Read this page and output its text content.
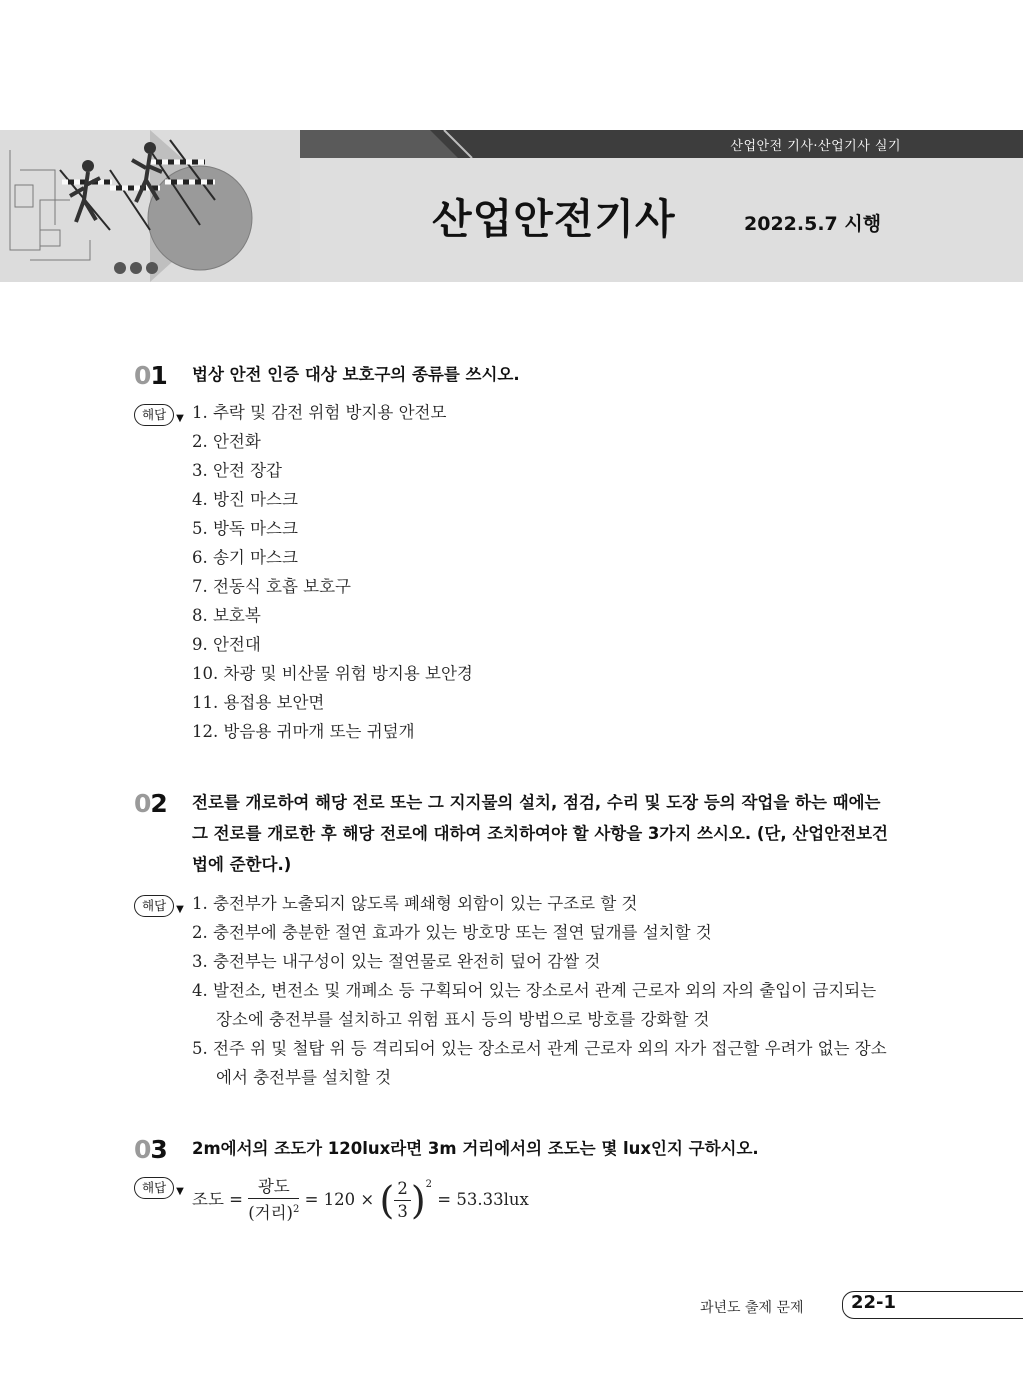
산업안전 기사·산업기사 실기
산업안전기사	2022.5.7 시행
01 법상 안전 인증 대상 보호구의 종류를 쓰시오.
해답	▼ 1. 추락 및 감전 위험 방지용 안전모
2. 안전화
3. 안전 장갑
4. 방진 마스크
5. 방독 마스크
6. 송기 마스크
7. 전동식 호흡 보호구
8. 보호복
9. 안전대
10. 차광 및 비산물 위험 방지용 보안경
11. 용접용 보안면
12. 방음용 귀마개 또는 귀덮개
02 전로를 개로하여 해당 전로 또는 그 지지물의 설치, 점검, 수리 및 도장 등의 작업을 하는 때에는 그 전로를 개로한 후 해당 전로에 대하여 조치하여야 할 사항을 3가지 쓰시오. (단, 산업안전보건법에 준한다.)
해답	▼ 1. 충전부가 노출되지 않도록 폐쇄형 외함이 있는 구조로 할 것
2. 충전부에 충분한 절연 효과가 있는 방호망 또는 절연 덮개를 설치할 것
3. 충전부는 내구성이 있는 절연물로 완전히 덮어 감쌀 것
4. 발전소, 변전소 및 개폐소 등 구획되어 있는 장소로서 관계 근로자 외의 자의 출입이 금지되는 장소에 충전부를 설치하고 위험 표시 등의 방법으로 방호를 강화할 것
5. 전주 위 및 철탑 위 등 격리되어 있는 장소로서 관계 근로자 외의 자가 접근할 우려가 없는 장소에서 충전부를 설치할 것
03 2m에서의 조도가 120lux라면 3m 거리에서의 조도는 몇 lux인지 구하시오.
해답	▼ 조도 = $\frac{\text{광도}}{(거리)^2} = 120$ × ( $\frac{2}{3} )^2 = 53.33lux$
과년도 출제 문제	22-1
